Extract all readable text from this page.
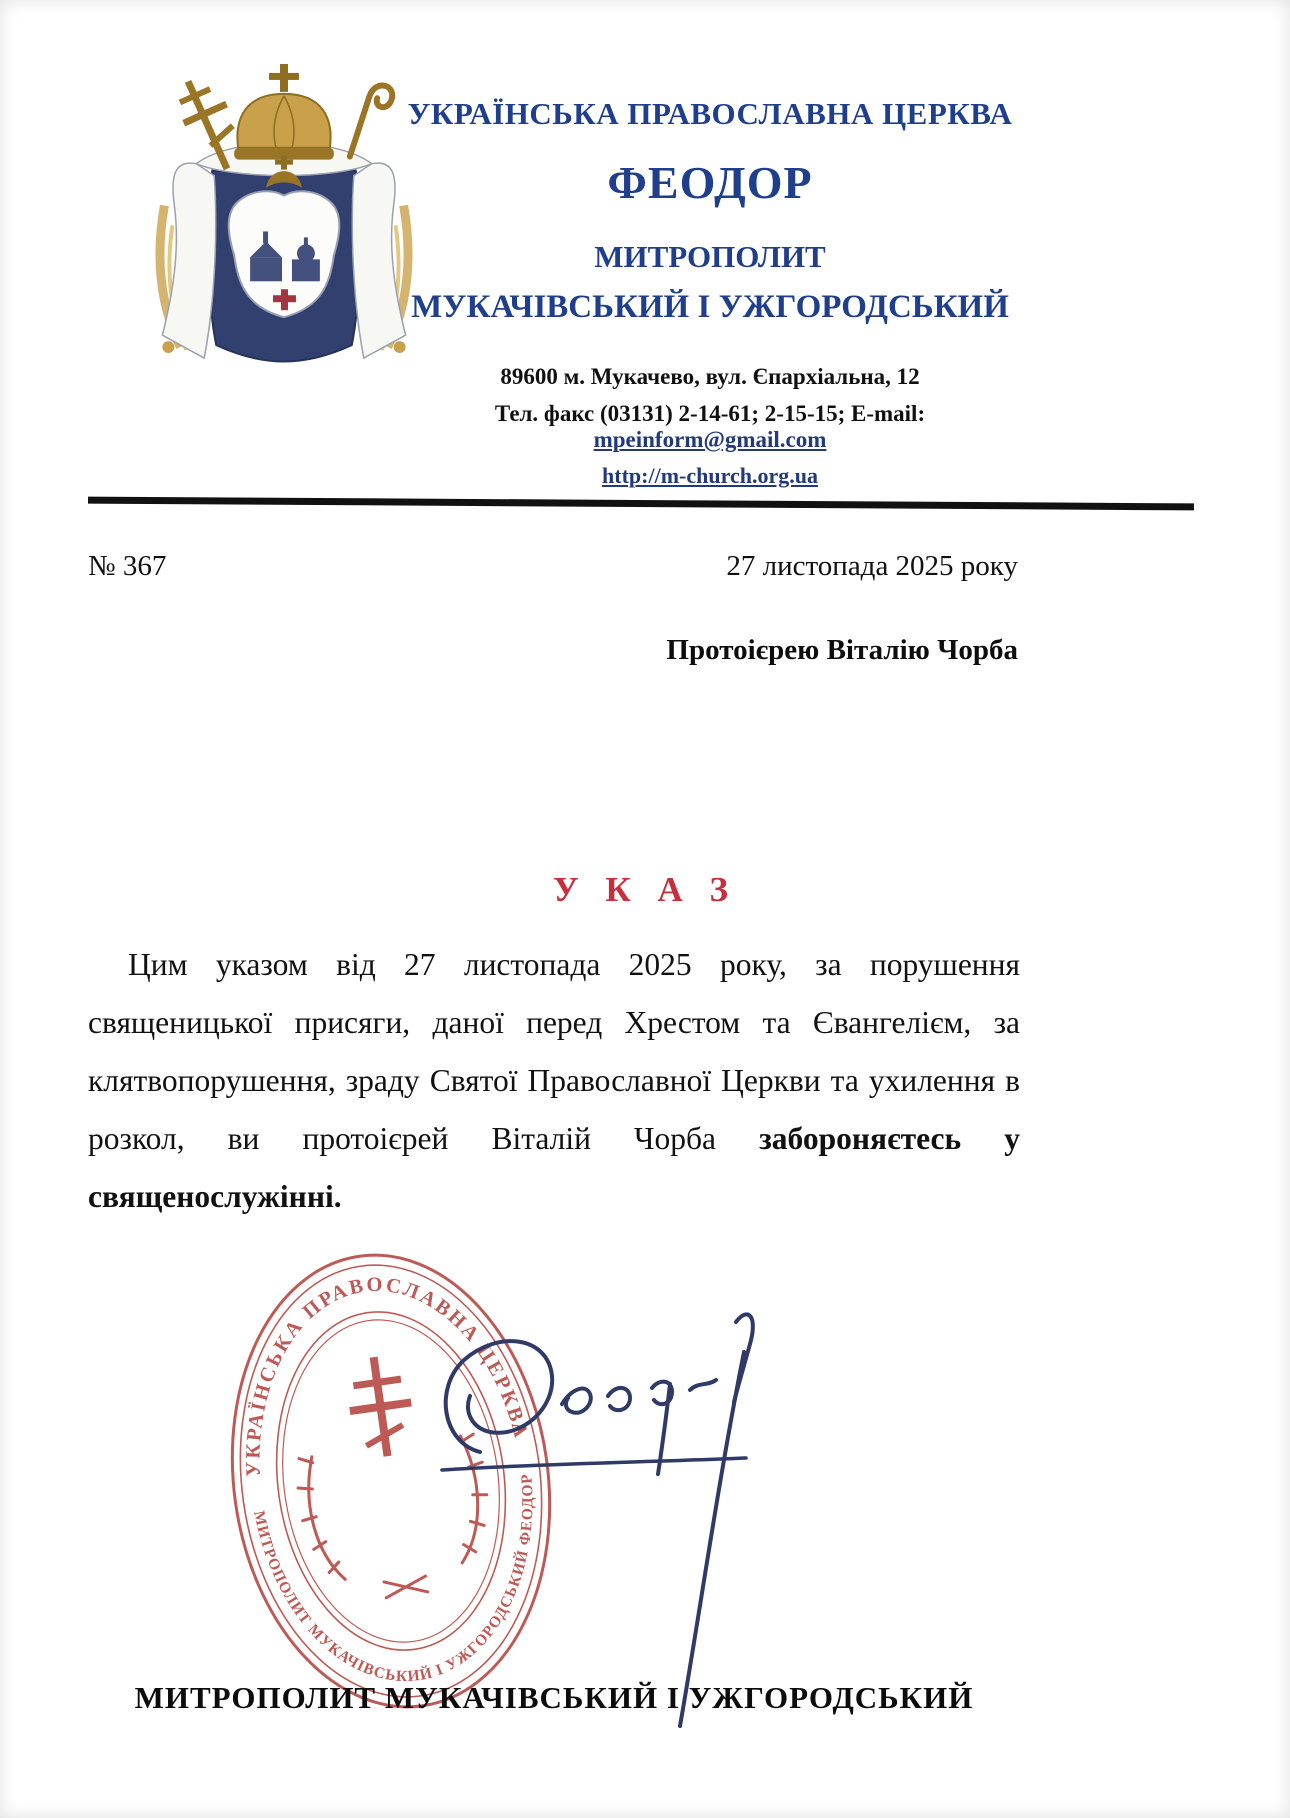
УКРАЇНСЬКА ПРАВОСЛАВНА ЦЕРКВА
ФЕОДОР
МИТРОПОЛИТ
МУКАЧІВСЬКИЙ І УЖГОРОДСЬКИЙ
89600 м. Мукачево, вул. Єпархіальна, 12
Тел. факс (03131) 2-14-61; 2-15-15; E-mail: mpeinform@gmail.com
http://m-church.org.ua
№ 367	27 листопада 2025 року
Протоієрею Віталію Чорба
У К А З
Цим указом від 27 листопада 2025 року, за порушення священицької присяги, даної перед Хрестом та Євангелієм, за клятвопорушення, зраду Святої Православної Церкви та ухилення в розкол, ви протоієрей Віталій Чорба забороняєтесь у священослужінні.
УКРАЇНСЬКА ПРАВОСЛАВНА ЦЕРКВА
МИТРОПОЛИТ МУКАЧІВСЬКИЙ І УЖГОРОДСЬКИЙ ФЕОДОР
МИТРОПОЛИТ МУКАЧІВСЬКИЙ І УЖГОРОДСЬКИЙ
